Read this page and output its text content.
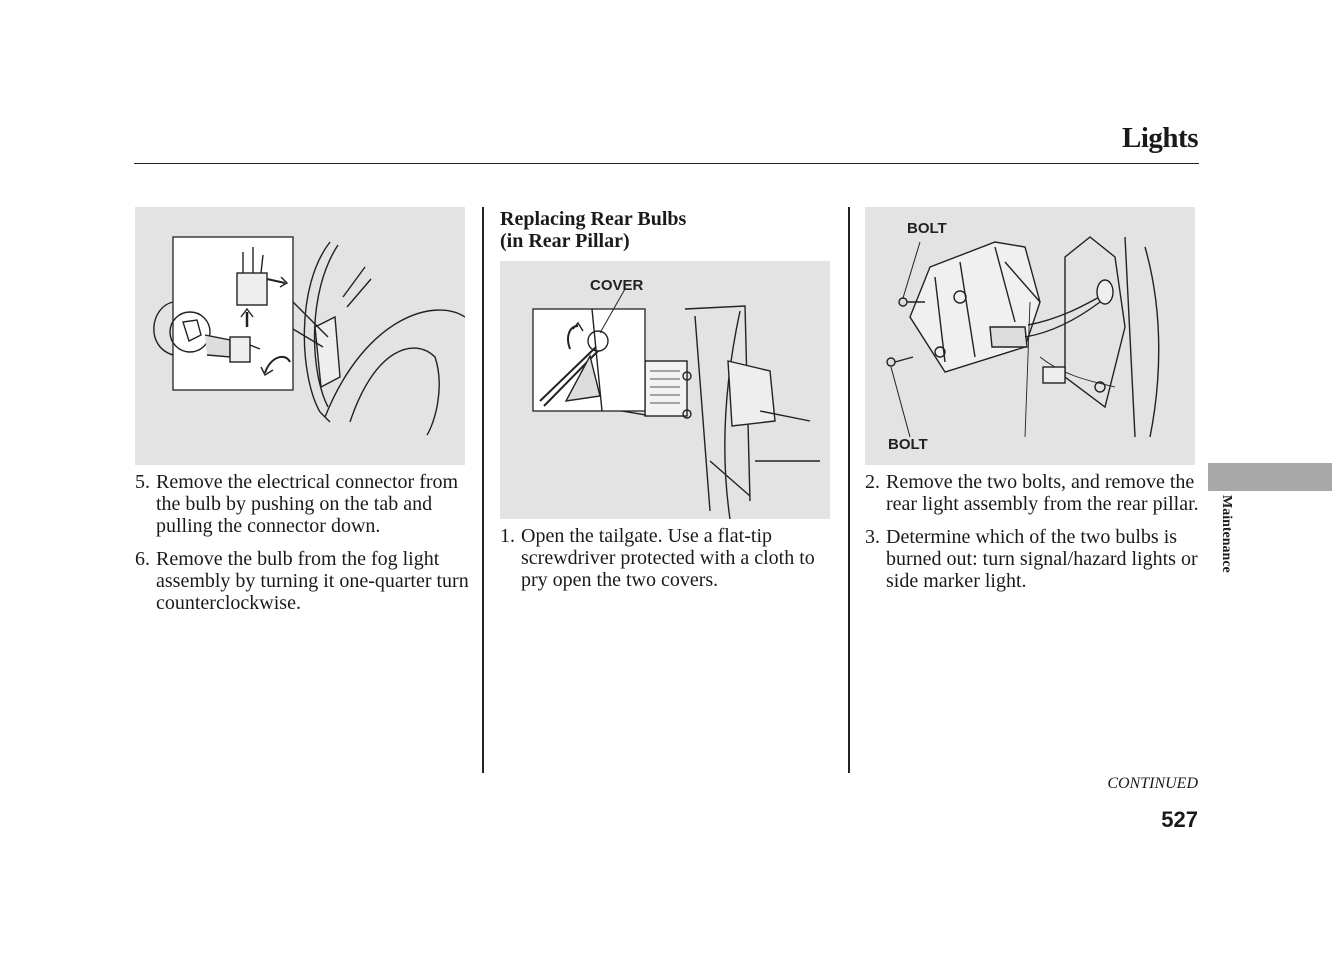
Lights
5. Remove the electrical connector from the bulb by pushing on the tab and pulling the connector down.
6. Remove the bulb from the fog light assembly by turning it one-quarter turn counterclockwise.
Replacing Rear Bulbs
(in Rear Pillar)
COVER
1. Open the tailgate. Use a flat-tip screwdriver protected with a cloth to pry open the two covers.
BOLT
BOLT
2. Remove the two bolts, and remove the rear light assembly from the rear pillar.
3. Determine which of the two bulbs is burned out: turn signal/hazard lights or side marker light.
Maintenance
CONTINUED
527
